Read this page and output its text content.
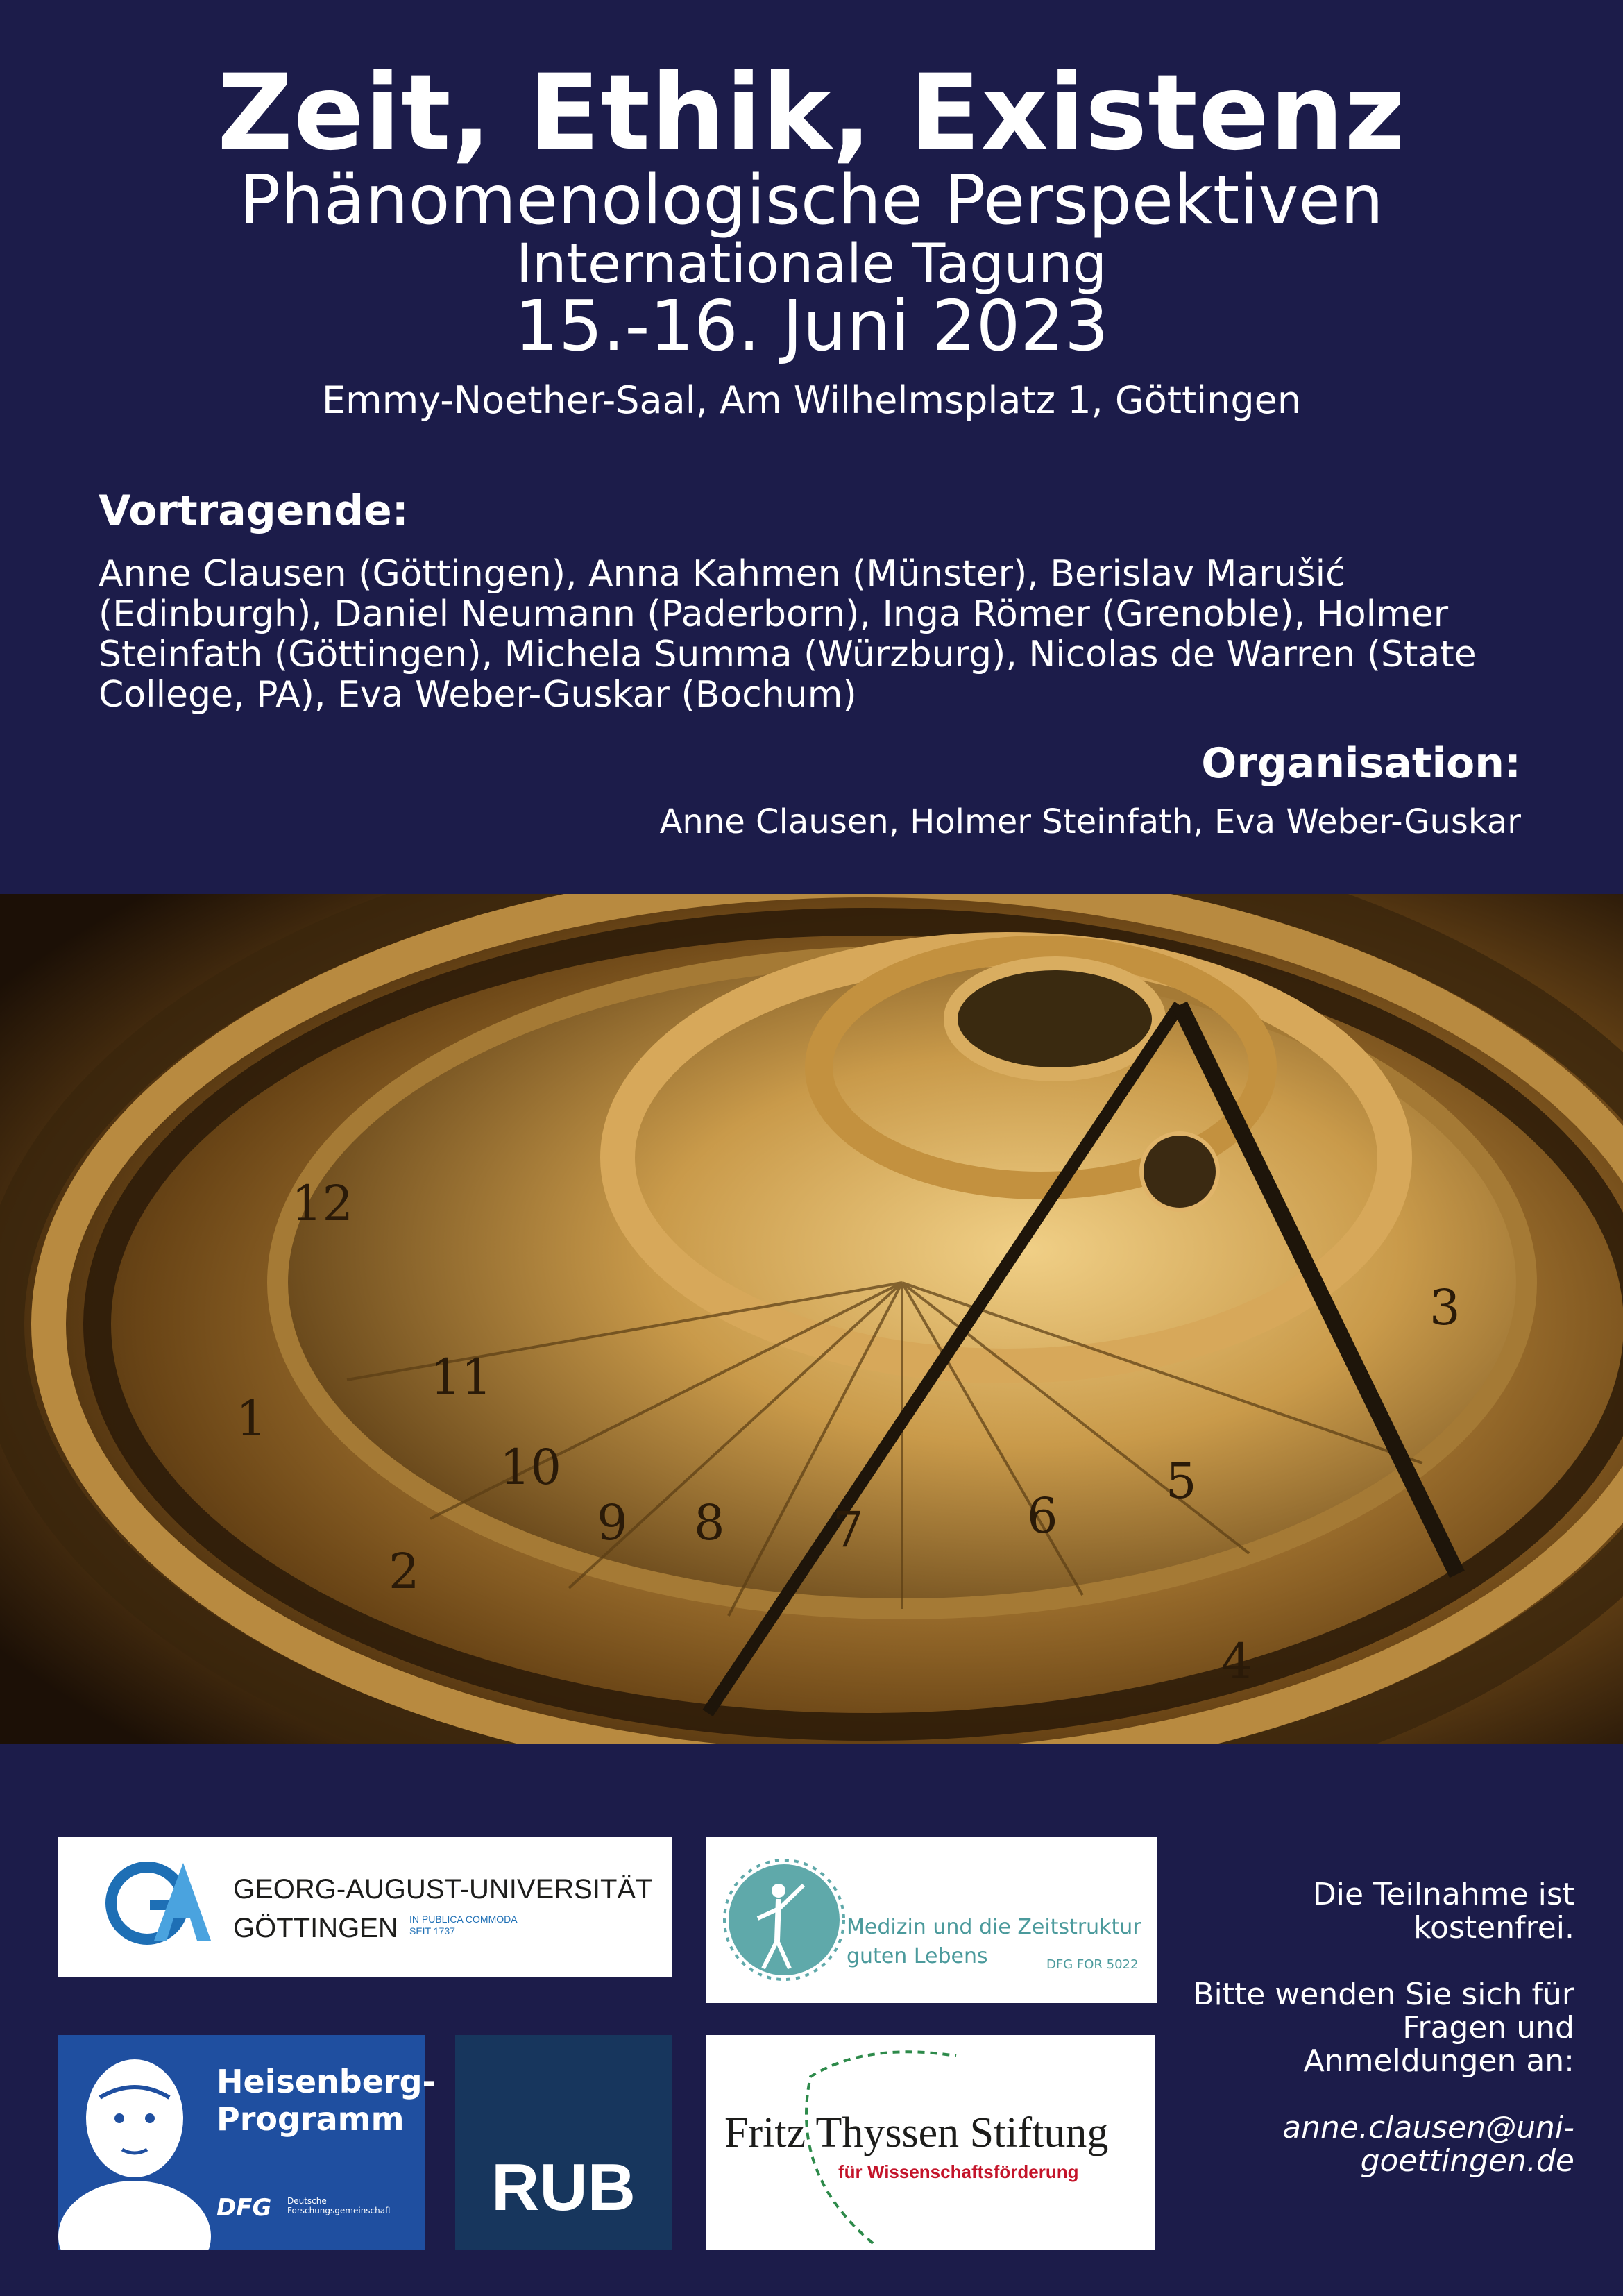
Zeit, Ethik, Existenz
Phänomenologische Perspektiven
Internationale Tagung
15.-16. Juni 2023
Emmy-Noether-Saal, Am Wilhelmsplatz 1, Göttingen
Vortragende:
Anne Clausen (Göttingen), Anna Kahmen (Münster), Berislav Marušić
(Edinburgh), Daniel Neumann (Paderborn), Inga Römer (Grenoble), Holmer
Steinfath (Göttingen), Michela Summa (Würzburg), Nicolas de Warren (State
College, PA), Eva Weber-Guskar (Bochum)
Organisation:
Anne Clausen, Holmer Steinfath, Eva Weber-Guskar
2
11
10
9 8 7	6
5
12
1
3
4
GEORG-AUGUST-UNIVERSITÄT
GÖTTINGEN IN PUBLICA COMMODA SEIT 1737	Medizin und die Zeitstruktur
guten Lebens	DFG FOR 5022
Heisenberg-
Programm
DFG Deutsche Forschungsgemeinschaft	RUB
Fritz Thyssen Stiftung
für Wissenschaftsförderung
Die Teilnahme ist
kostenfrei.
Bitte wenden Sie sich für
Fragen und
Anmeldungen an:
anne.clausen@uni-
goettingen.de
